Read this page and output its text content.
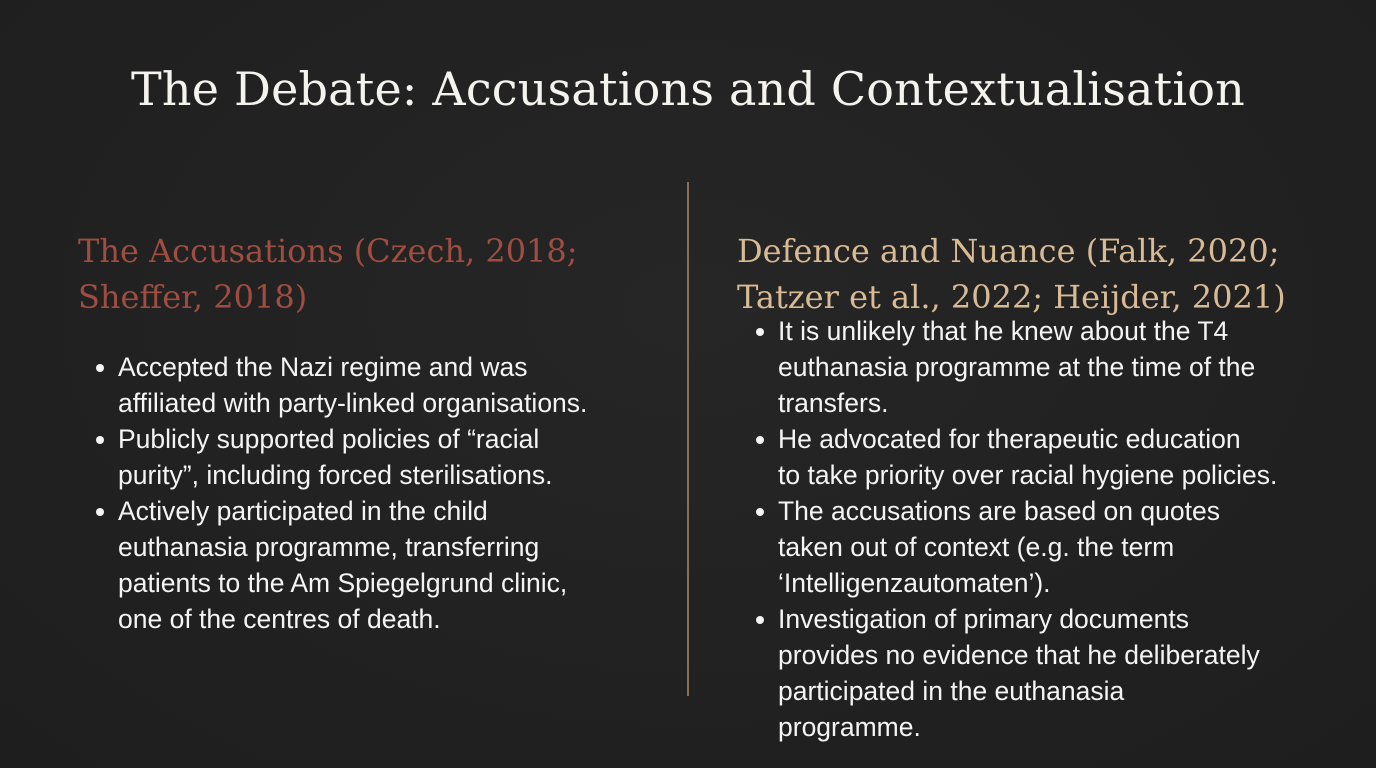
The Debate: Accusations and Contextualisation
The Accusations (Czech, 2018;
Sheffer, 2018)
Accepted the Nazi regime and was
affiliated with party-linked organisations.
Publicly supported policies of “racial
purity”, including forced sterilisations.
Actively participated in the child
euthanasia programme, transferring
patients to the Am Spiegelgrund clinic,
one of the centres of death.
Defence and Nuance (Falk, 2020;
Tatzer et al., 2022; Heijder, 2021)
It is unlikely that he knew about the T4
euthanasia programme at the time of the
transfers.
He advocated for therapeutic education
to take priority over racial hygiene policies.
The accusations are based on quotes
taken out of context (e.g. the term
‘Intelligenzautomaten’).
Investigation of primary documents
provides no evidence that he deliberately
participated in the euthanasia
programme.
